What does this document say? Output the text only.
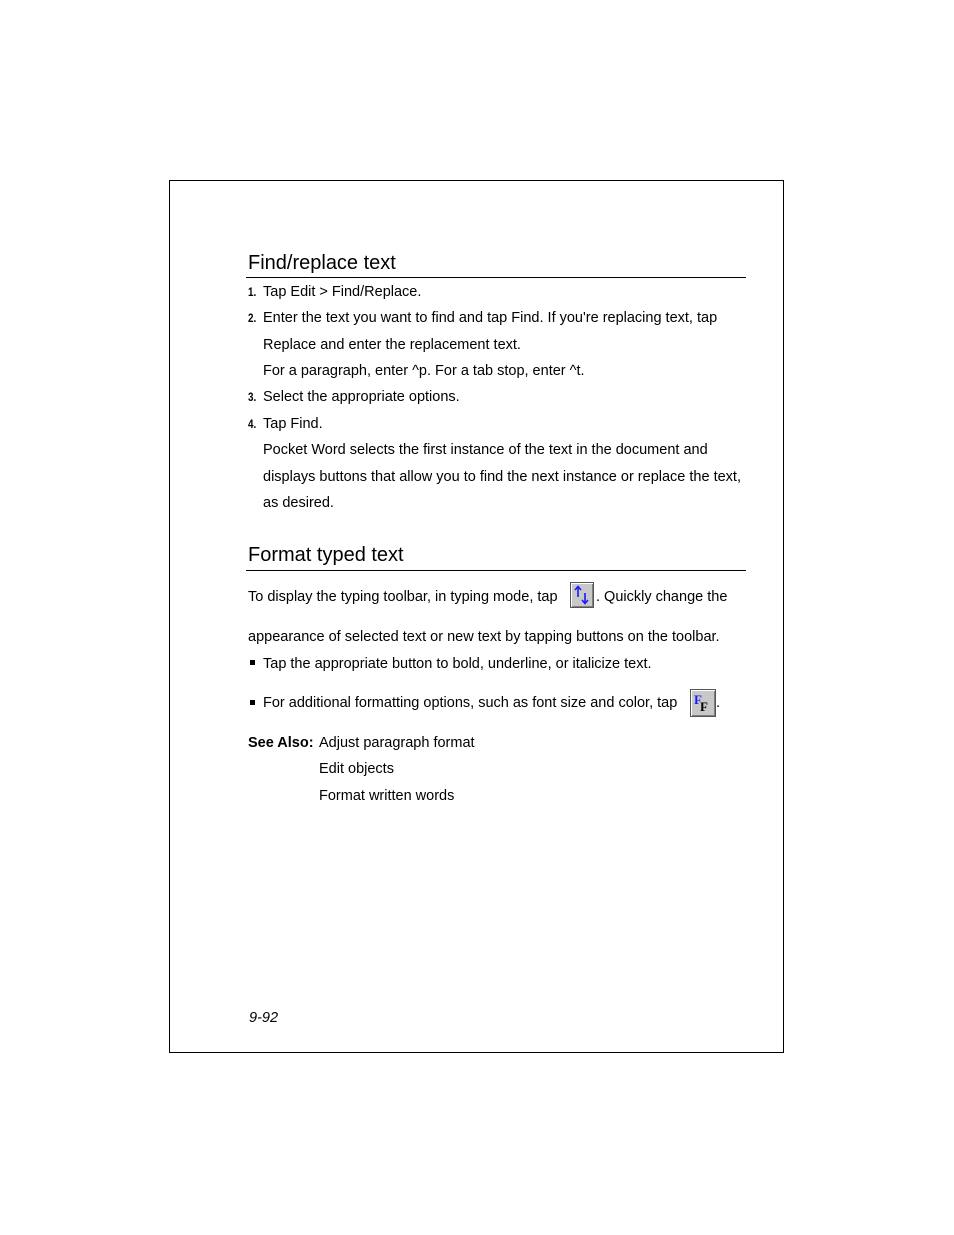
Find/replace text
1. Tap Edit > Find/Replace.
2. Enter the text you want to find and tap Find. If you're replacing text, tap
Replace and enter the replacement text.
For a paragraph, enter ^p. For a tab stop, enter ^t.
3. Select the appropriate options.
4. Tap Find.
Pocket Word selects the first instance of the text in the document and
displays buttons that allow you to find the next instance or replace the text,
as desired.
Format typed text
To display the typing toolbar, in typing mode, tap	. Quickly change the
appearance of selected text or new text by tapping buttons on the toolbar.
Tap the appropriate button to bold, underline, or italicize text.
For additional formatting options, such as font size and color, tap F
F .
See Also: Adjust paragraph format
Edit objects
Format written words
9-92
